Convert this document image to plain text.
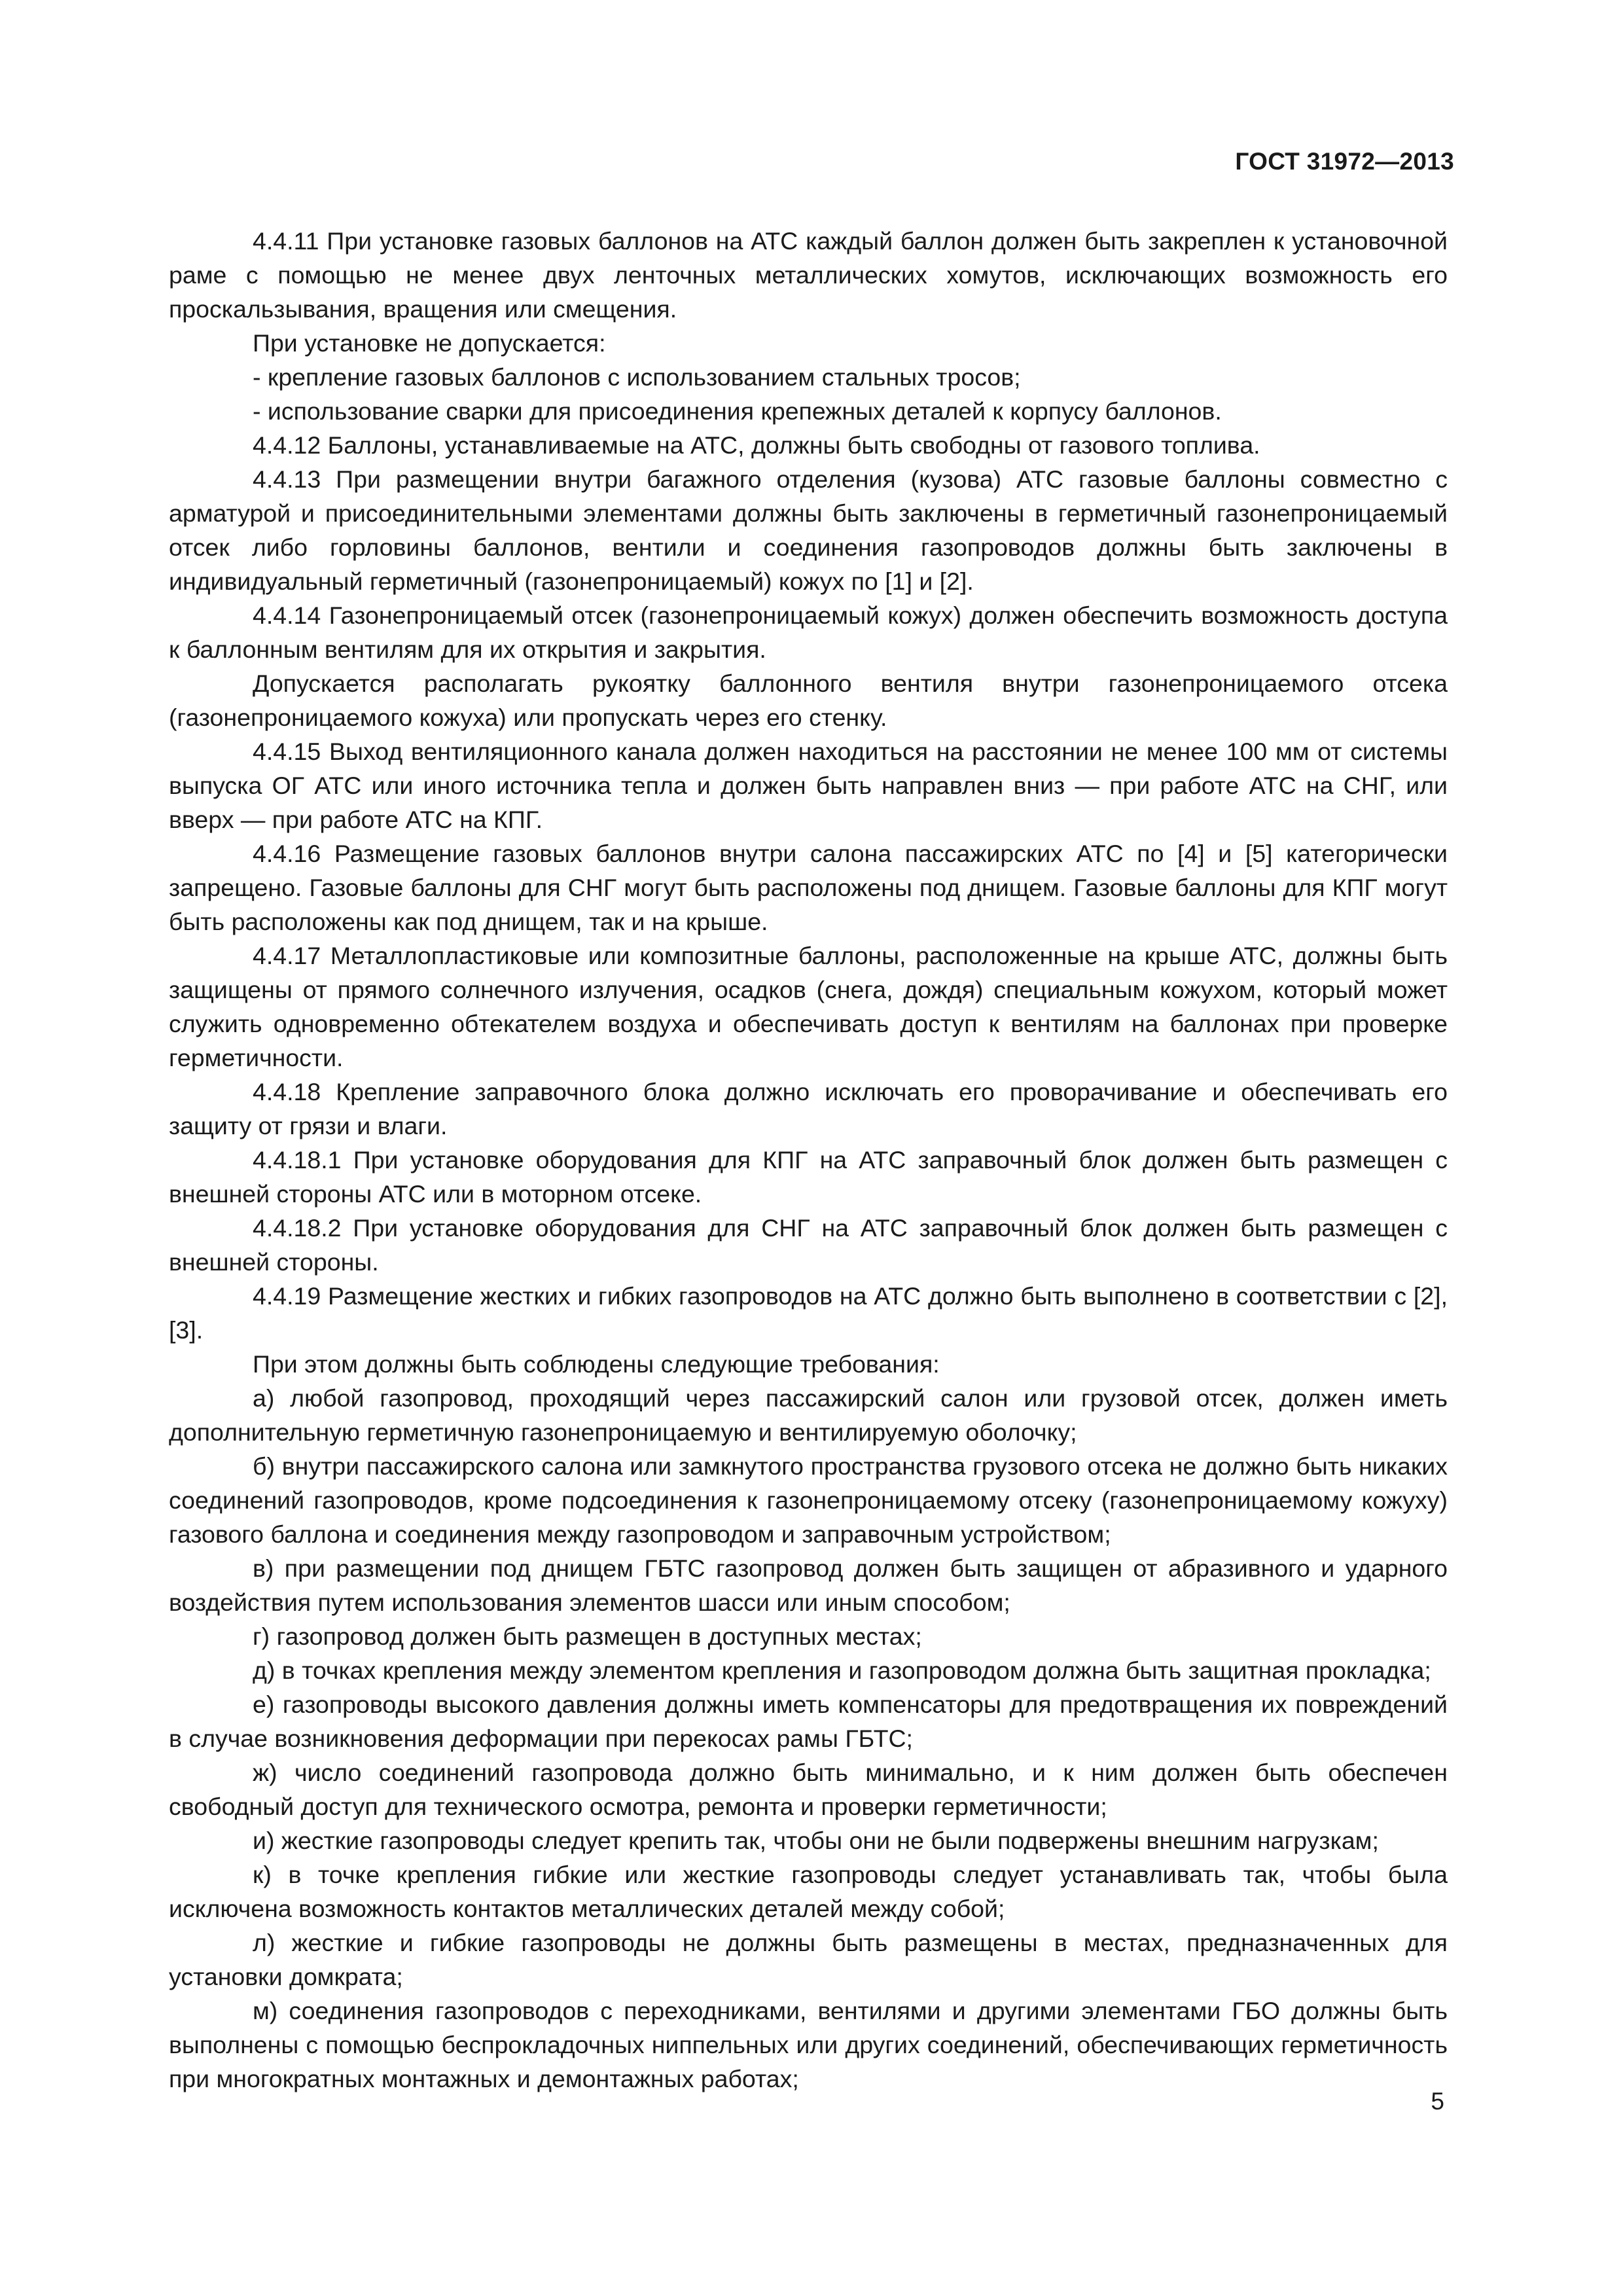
ГОСТ 31972—2013

4.4.11 При установке газовых баллонов на АТС каждый баллон должен быть закреплен к установочной раме с помощью не менее двух ленточных металлических хомутов, исключающих возможность его проскальзывания, вращения или смещения.

При установке не допускается:

- крепление газовых баллонов с использованием стальных тросов;

- использование сварки для присоединения крепежных деталей к корпусу баллонов.

4.4.12 Баллоны, устанавливаемые на АТС, должны быть свободны от газового топлива.

4.4.13 При размещении внутри багажного отделения (кузова) АТС газовые баллоны совместно с арматурой и присоединительными элементами должны быть заключены в герметичный газонепроницаемый отсек либо горловины баллонов, вентили и соединения газопроводов должны быть заключены в индивидуальный герметичный (газонепроницаемый) кожух по [1] и [2].

4.4.14 Газонепроницаемый отсек (газонепроницаемый кожух) должен обеспечить возможность доступа к баллонным вентилям для их открытия и закрытия.

Допускается располагать рукоятку баллонного вентиля внутри газонепроницаемого отсека (газонепроницаемого кожуха) или пропускать через его стенку.

4.4.15 Выход вентиляционного канала должен находиться на расстоянии не менее 100 мм от системы выпуска ОГ АТС или иного источника тепла и должен быть направлен вниз — при работе АТС на СНГ, или вверх — при работе АТС на КПГ.

4.4.16 Размещение газовых баллонов внутри салона пассажирских АТС по [4] и [5] категорически запрещено. Газовые баллоны для СНГ могут быть расположены под днищем. Газовые баллоны для КПГ могут быть расположены как под днищем, так и на крыше.

4.4.17 Металлопластиковые или композитные баллоны, расположенные на крыше АТС, должны быть защищены от прямого солнечного излучения, осадков (снега, дождя) специальным кожухом, который может служить одновременно обтекателем воздуха и обеспечивать доступ к вентилям на баллонах при проверке герметичности.

4.4.18 Крепление заправочного блока должно исключать его проворачивание и обеспечивать его защиту от грязи и влаги.

4.4.18.1 При установке оборудования для КПГ на АТС заправочный блок должен быть размещен с внешней стороны АТС или в моторном отсеке.

4.4.18.2 При установке оборудования для СНГ на АТС заправочный блок должен быть размещен с внешней стороны.

4.4.19 Размещение жестких и гибких газопроводов на АТС должно быть выполнено в соответствии с [2], [3].

При этом должны быть соблюдены следующие требования:

а) любой газопровод, проходящий через пассажирский салон или грузовой отсек, должен иметь дополнительную герметичную газонепроницаемую и вентилируемую оболочку;

б) внутри пассажирского салона или замкнутого пространства грузового отсека не должно быть никаких соединений газопроводов, кроме подсоединения к газонепроницаемому отсеку (газонепроницаемому кожуху) газового баллона и соединения между газопроводом и заправочным устройством;

в) при размещении под днищем ГБТС газопровод должен быть защищен от абразивного и ударного воздействия путем использования элементов шасси или иным способом;

г) газопровод должен быть размещен в доступных местах;

д) в точках крепления между элементом крепления и газопроводом должна быть защитная прокладка;

е) газопроводы высокого давления должны иметь компенсаторы для предотвращения их повреждений в случае возникновения деформации при перекосах рамы ГБТС;

ж) число соединений газопровода должно быть минимально, и к ним должен быть обеспечен свободный доступ для технического осмотра, ремонта и проверки герметичности;

и) жесткие газопроводы следует крепить так, чтобы они не были подвержены внешним нагрузкам;

к) в точке крепления гибкие или жесткие газопроводы следует устанавливать так, чтобы была исключена возможность контактов металлических деталей между собой;

л) жесткие и гибкие газопроводы не должны быть размещены в местах, предназначенных для установки домкрата;

м) соединения газопроводов с переходниками, вентилями и другими элементами ГБО должны быть выполнены с помощью беспрокладочных ниппельных или других соединений, обеспечивающих герметичность при многократных монтажных и демонтажных работах;

5
